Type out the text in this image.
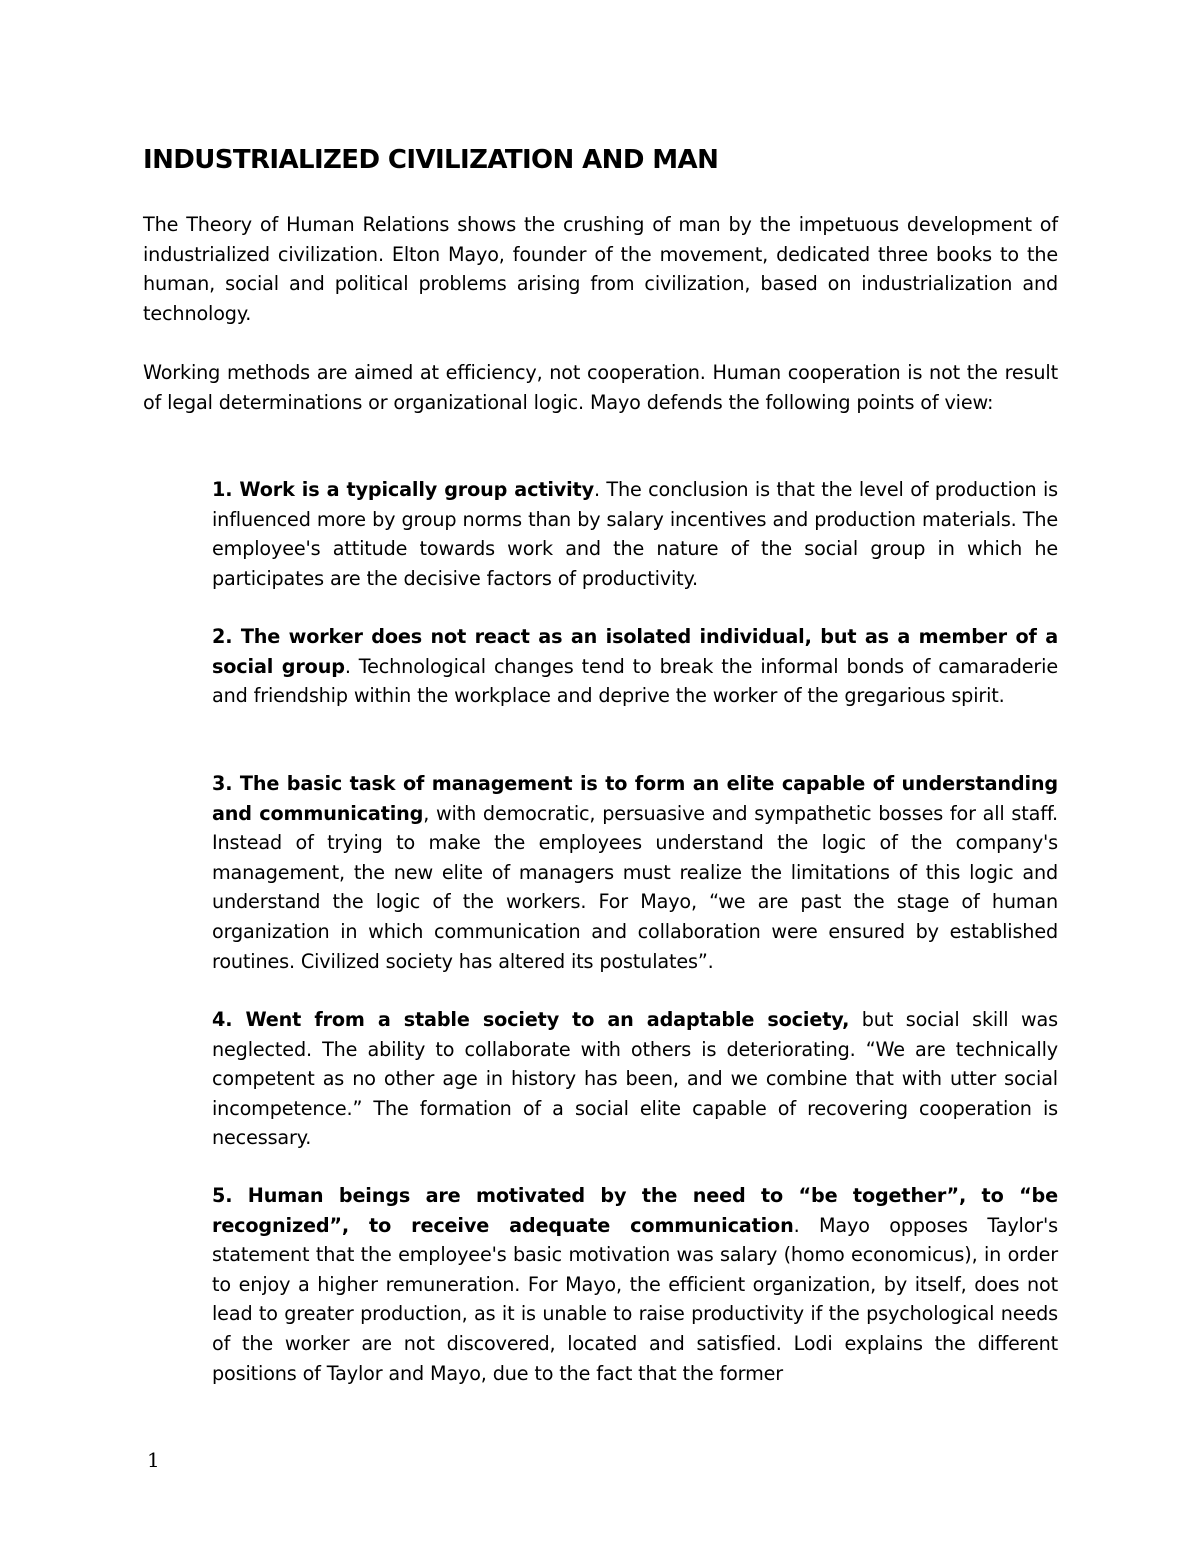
INDUSTRIALIZED CIVILIZATION AND MAN

The Theory of Human Relations shows the crushing of man by the impetuous development of industrialized civilization. Elton Mayo, founder of the movement, dedicated three books to the human, social and political problems arising from civilization, based on industrialization and technology.

Working methods are aimed at efficiency, not cooperation. Human cooperation is not the result of legal determinations or organizational logic. Mayo defends the following points of view:

1. Work is a typically group activity. The conclusion is that the level of production is influenced more by group norms than by salary incentives and production materials. The employee's attitude towards work and the nature of the social group in which he participates are the decisive factors of productivity.

2. The worker does not react as an isolated individual, but as a member of a social group. Technological changes tend to break the informal bonds of camaraderie and friendship within the workplace and deprive the worker of the gregarious spirit.

3. The basic task of management is to form an elite capable of understanding and communicating, with democratic, persuasive and sympathetic bosses for all staff. Instead of trying to make the employees understand the logic of the company's management, the new elite of managers must realize the limitations of this logic and understand the logic of the workers. For Mayo, “we are past the stage of human organization in which communication and collaboration were ensured by established routines. Civilized society has altered its postulates”.

4. Went from a stable society to an adaptable society, but social skill was neglected. The ability to collaborate with others is deteriorating. “We are technically competent as no other age in history has been, and we combine that with utter social incompetence.” The formation of a social elite capable of recovering cooperation is necessary.

5. Human beings are motivated by the need to “be together”, to “be recognized”, to receive adequate communication. Mayo opposes Taylor's statement that the employee's basic motivation was salary (homo economicus), in order to enjoy a higher remuneration. For Mayo, the efficient organization, by itself, does not lead to greater production, as it is unable to raise productivity if the psychological needs of the worker are not discovered, located and satisfied. Lodi explains the different positions of Taylor and Mayo, due to the fact that the former

1
